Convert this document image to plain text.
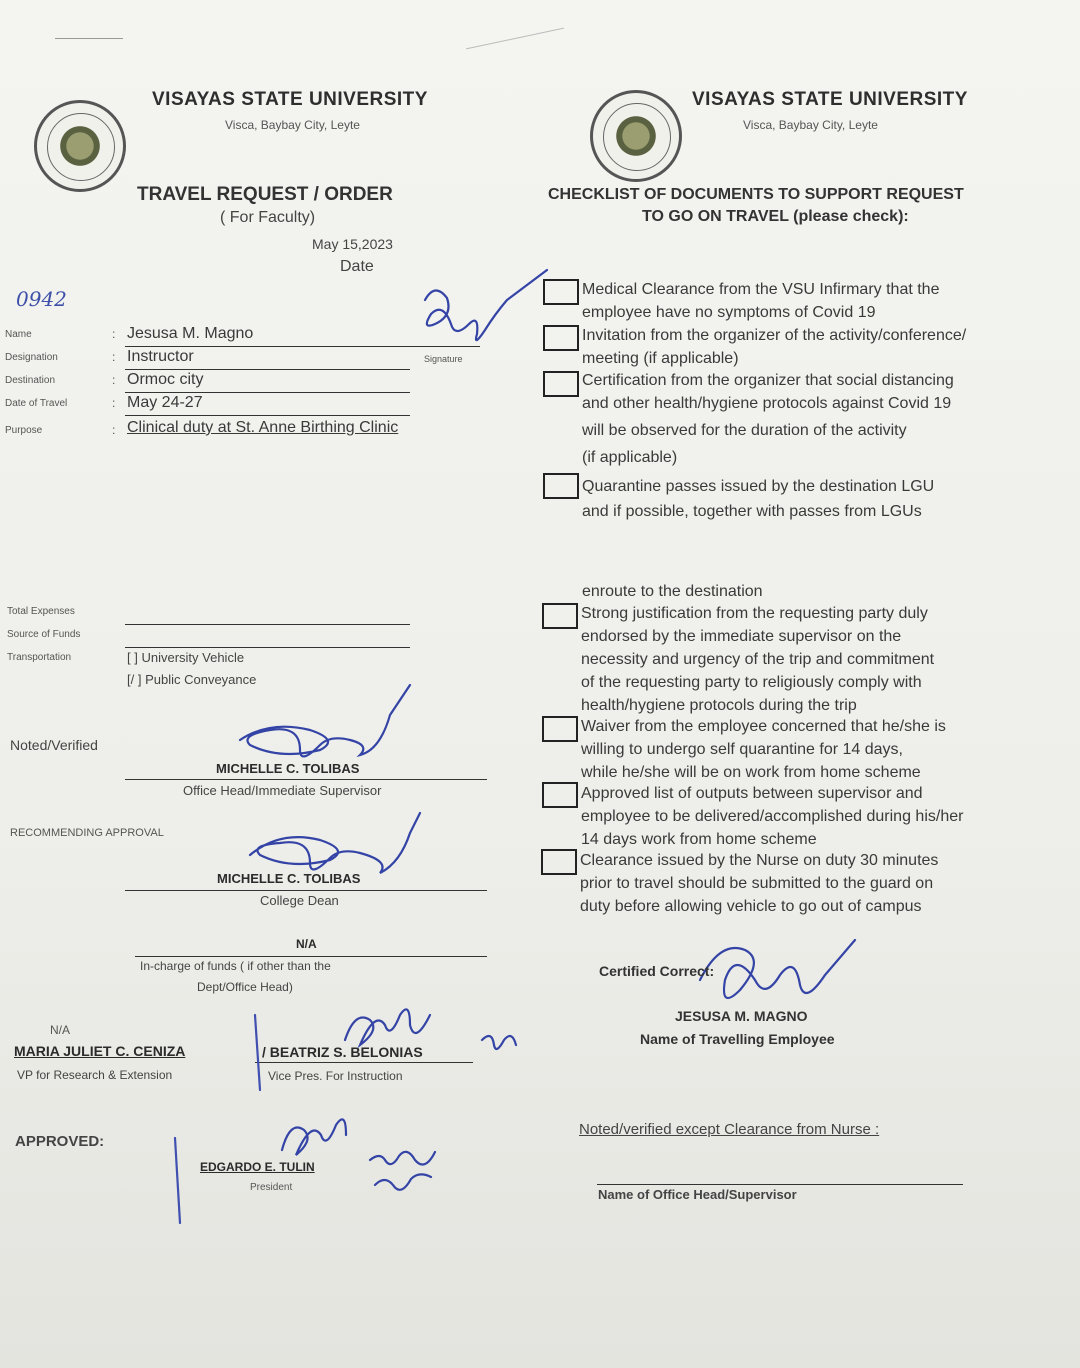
VISAYAS STATE UNIVERSITY
Visca, Baybay City, Leyte
TRAVEL REQUEST / ORDER
( For Faculty)
May 15,2023
Date
0942
Name	Jesusa M. Magno
Designation	Instructor
Destination	Ormoc city
Date of Travel	May 24-27
Purpose	Clinical duty at St. Anne Birthing Clinic
:
:
:
:
:
Signature
Total Expenses
Source of Funds
Transportation	[ ] University Vehicle
[/ ] Public Conveyance
Noted/Verified
MICHELLE C. TOLIBAS
Office Head/Immediate Supervisor
RECOMMENDING APPROVAL
MICHELLE C. TOLIBAS
College Dean
N/A
In-charge of funds ( if other than the
Dept/Office Head)
N/A
MARIA JULIET C. CENIZA
VP for Research & Extension
/ BEATRIZ S. BELONIAS
Vice Pres. For Instruction
APPROVED:
EDGARDO E. TULIN
President
VISAYAS STATE UNIVERSITY
Visca, Baybay City, Leyte
CHECKLIST OF DOCUMENTS TO SUPPORT REQUEST
TO GO ON TRAVEL (please check):
Medical Clearance from the VSU Infirmary that the
employee have no symptoms of Covid 19
Invitation from the organizer of the activity/conference/
meeting (if applicable)
Certification from the organizer that social distancing
and other health/hygiene protocols against Covid 19
will be observed for the duration of the activity
(if applicable)
Quarantine passes issued by the destination LGU
and if possible, together with passes from LGUs
enroute to the destination
Strong justification from the requesting party duly
endorsed by the immediate supervisor on the
necessity and urgency of the trip and commitment
of the requesting party to religiously comply with
health/hygiene protocols during the trip
Waiver from the employee concerned that he/she is
willing to undergo self quarantine for 14 days,
while he/she will be on work from home scheme
Approved list of outputs between supervisor and
employee to be delivered/accomplished during his/her
14 days work from home scheme
Clearance issued by the Nurse on duty 30 minutes
prior to travel should be submitted to the guard on
duty before allowing vehicle to go out of campus
Certified Correct:
JESUSA M. MAGNO
Name of Travelling Employee
Noted/verified except Clearance from Nurse :
Name of Office Head/Supervisor
